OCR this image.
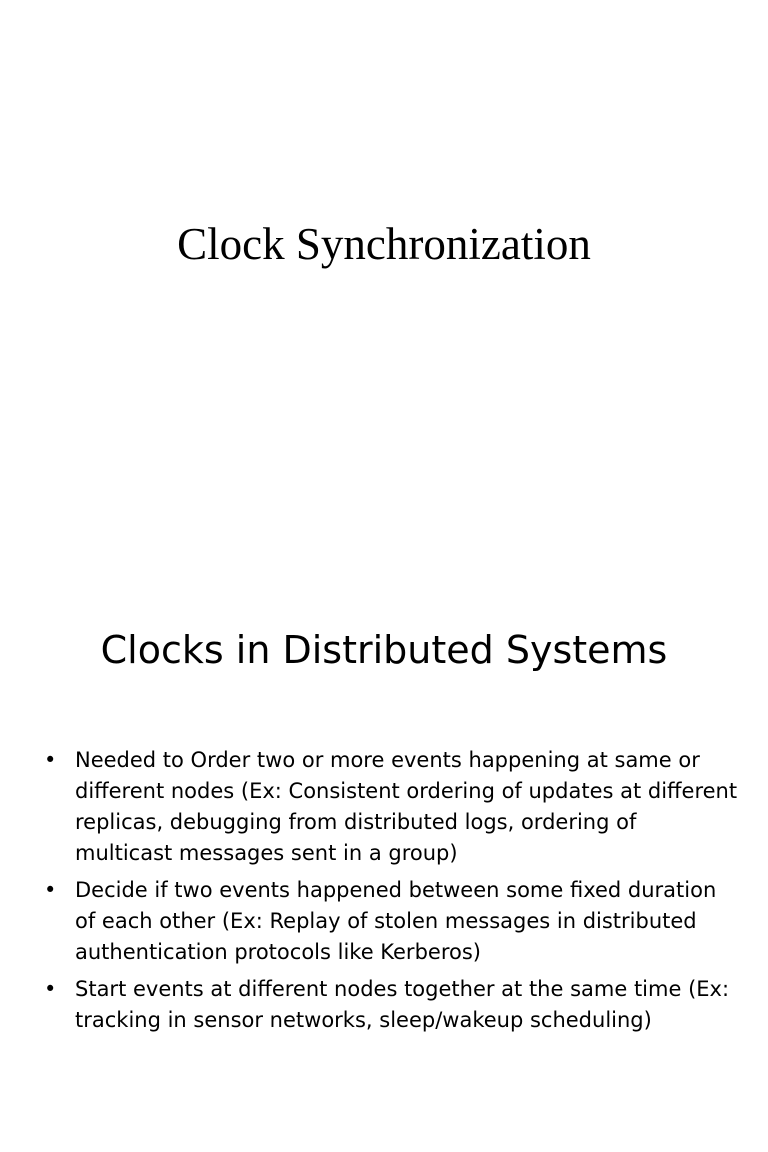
Clock Synchronization
Clocks in Distributed Systems
• Needed to Order two or more events happening at same or different nodes (Ex: Consistent ordering of updates at different replicas, debugging from distributed logs, ordering of multicast messages sent in a group)
• Decide if two events happened between some fixed duration of each other (Ex: Replay of stolen messages in distributed authentication protocols like Kerberos)
• Start events at different nodes together at the same time (Ex: tracking in sensor networks, sleep/wakeup scheduling)
